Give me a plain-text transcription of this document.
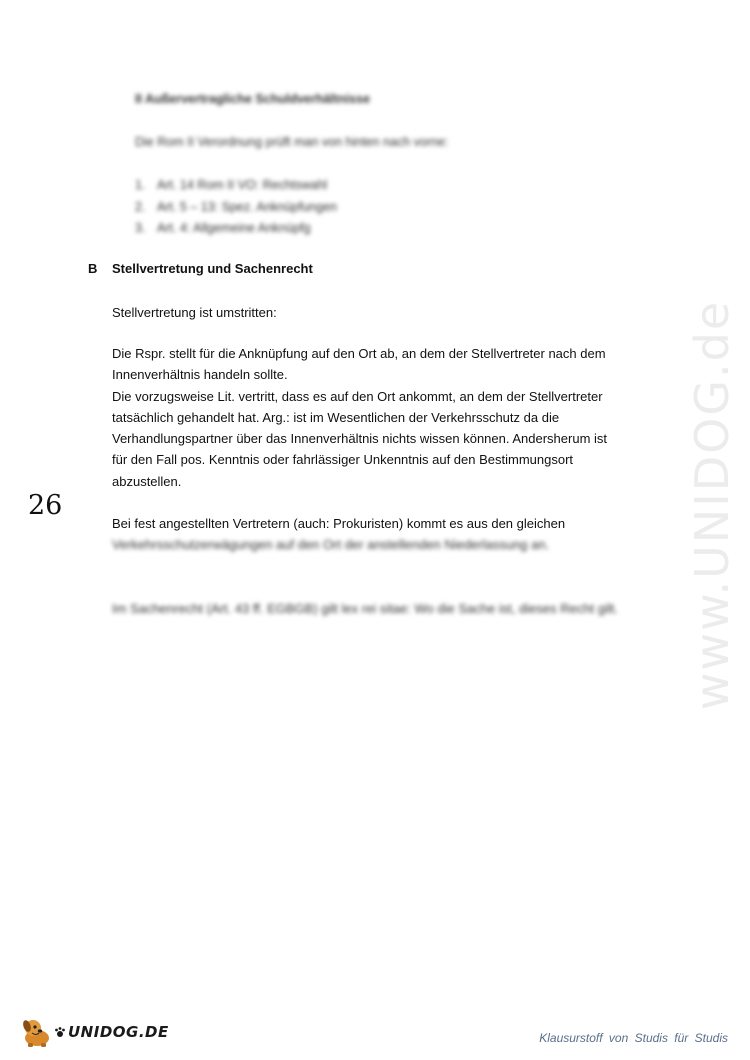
II Außervertragliche Schuldverhältnisse
Die Rom II Verordnung prüft man von hinten nach vorne:
1. Art. 14 Rom II VO: Rechtswahl
2. Art. 5 – 13: Spez. Anknüpfungen
3. Art. 4: Allgemeine Anknüpfg
B Stellvertretung und Sachenrecht
Stellvertretung ist umstritten:
Die Rspr. stellt für die Anknüpfung auf den Ort ab, an dem der Stellvertreter nach dem
Innenverhältnis handeln sollte.
Die vorzugsweise Lit. vertritt, dass es auf den Ort ankommt, an dem der Stellvertreter
tatsächlich gehandelt hat. Arg.: ist im Wesentlichen der Verkehrsschutz da die
Verhandlungspartner über das Innenverhältnis nichts wissen können. Andersherum ist
für den Fall pos. Kenntnis oder fahrlässiger Unkenntnis auf den Bestimmungsort
abzustellen.
Bei fest angestellten Vertretern (auch: Prokuristen) kommt es aus den gleichen
Verkehrsschutzerwägungen auf den Ort der anstellenden Niederlassung an.
Im Sachenrecht (Art. 43 ff. EGBGB) gilt lex rei sitae: Wo die Sache ist, dieses Recht gilt.
26	www.UNIDOG.de
UNIDOG.DE	Klausurstoff von Studis für Studis
